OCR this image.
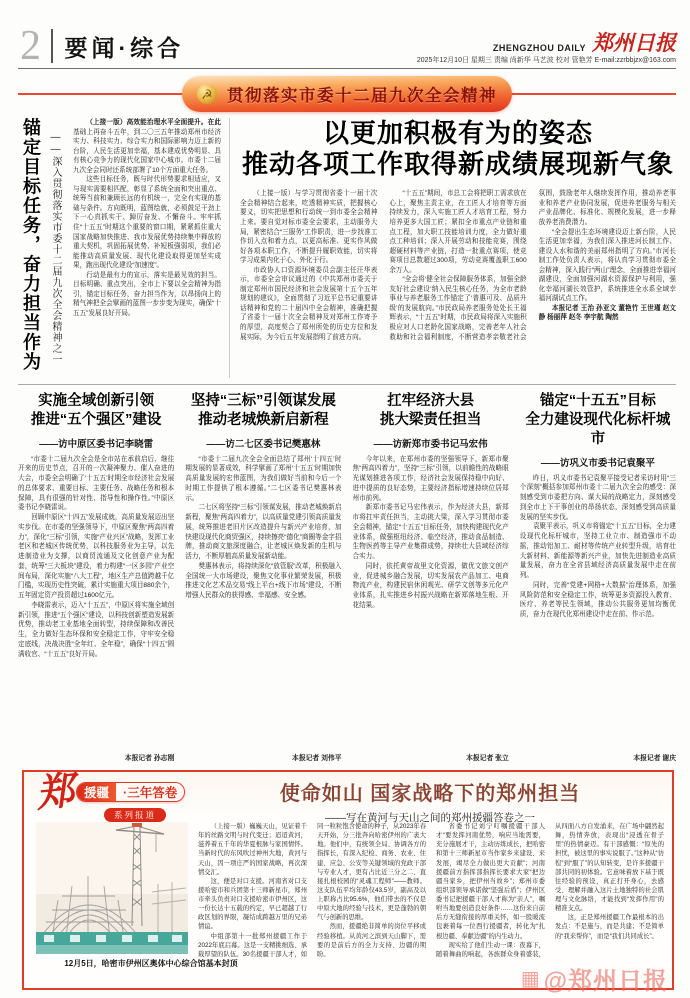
2	要闻·综合	ZHENGZHOU DAILY 郑州日报
2025年12月10日 星期三 责编 尚新华 马艺波 校对 管艳芳 E-mail:zzrbbjzx@163.com
☭ 贯彻落实市委十二届九次全会精神
锚定目标任务，奋力担当作为 ——深入贯彻落实市委十二届九次全会精神之一

（上接一版）高效能治理水平全面提升。在此基础上再奋斗五年，到二〇三五年推动郑州市经济实力、科技实力、综合实力和国际影响力迈上新的台阶，人民生活更加幸福，基本建成优势明显、具有核心竞争力的现代化国家中心城市。市委十二届九次全会同时还系统部署了10个方面重大任务。

这些目标任务，既与时代形势要求相适应，又与现实需要相匹配，彰显了系统全面和突出重点、统筹当前和兼顾长远的有机统一，完全有实现的基础与条件。方向既明，蓝图绘就，必须鼓足干劲上下一心真抓实干、踔厉奋发、不懈奋斗。牢牢抓住“十五五”时期这个重要的窗口期，紧紧抓住重大国家战略加快推进、我市发展优势持续集中释放的重大契机，巩固拓展优势、补短板强弱项，我们必能推动高质量发展、现代化建设取得更加坚实成果，跑出现代化建设“加速度”。

行动是最有力的宣示，落实是最见效的担当。目标明确、重点突出，全市上下要以全会精神为指引，锚定目标任务，奋力担当作为，以昂扬向上的精气神把全会擘画的蓝图一步步变为现实，确保“十五五”发展良好开局。

以更加积极有为的姿态
推动各项工作取得新成绩展现新气象

（上接一版）与学习贯彻省委十一届十次全会精神结合起来，吃透精神实质，把握核心要义，切实把思想和行动统一到市委全会精神上来。要自觉对标市委全会要求，主动服务大局，紧密结合“三服务”工作职责，进一步找准工作切入点和着力点，以更高标准、更实作风做好各项本职工作，不断提升履职效能，切实将学习成果内化于心、外化于行。

市政协人口资源环境委员会副主任汪华表示，市委全会审议通过的《中共郑州市委关于制定郑州市国民经济和社会发展第十五个五年规划的建议》，全面贯彻了习近平总书记重要讲话精神和党的二十届四中全会精神，准确把握了省委十一届十次全会精神及对郑州工作寄予的厚望，高度契合了郑州所处的历史方位和发展实际，为今后五年发展指明了前进方向。

“十五五”期间，市总工会将把职工需求放在心上，聚焦主责主业，在工匠人才培育等方面持续发力，深入实施工匠人才培育工程，努力培养更多大国工匠；紧扣全市重点产业链和重点工程，加大职工技能培训力度，全力做好重点工种培训；深入开展劳动和技能竞赛，围绕超硬材料等产业链，打造一批重点赛项，使竞赛项目总数超过300项，劳动竞赛覆盖职工600余万人。

“全会将‘健全社会保障服务体系，加强全龄友好社会建设’纳入民生核心任务，为全市老龄事业与养老服务工作锚定了‘普惠可及、品质升级’的发展航向。”市民政局养老服务处处长王福辉表示，“十五五”时期，市民政局将深入实施积极应对人口老龄化国家战略，完善老年人社会救助和社会福利制度，不断营造孝亲敬老社会氛围，鼓励老年人继续发挥作用，推动养老事业和养老产业协同发展，促进养老服务与相关产业品牌化、标准化、规模化发展，进一步释放养老消费潜力。

“全会提出生态环境建设迈上新台阶，人民生活更加幸福，为我们深入推进河长制工作、建设人水和谐的美丽郑州指明了方向。”市河长制工作处负责人表示，将认真学习贯彻市委全会精神，深入践行“两山”理念，全面推进幸福河湖建设，全面加强河湖水资源保护与利用，强化幸福河湖长效管护，系统推进全水系全域幸福河湖试点工作。

本报记者 王治 孙亚文 董艳竹 王世瑾 赵文静 杨丽萍 赵冬 李宇航 陶然

实施全域创新引领
推进“五个强区”建设
——访中原区委书记李晓雷

“市委十二届九次全会是全市站在承前启后、继往开来的历史节点，召开的一次凝神聚力、催人奋进的大会，市委全会明确了‘十五五’时期全市经济社会发展的总体要求、重要目标、主要任务、战略任务和根本保障，具有很强的针对性、指导性和操作性。”中原区委书记李晓雷说。

回顾中原区“十四五”发展成就，高质量发展迈出坚实步伐。在市委的坚强领导下，中原区聚焦“两高四着力”，深化“三标”引领，实施“产业兴区”战略，发挥工业老区和老城区传统优势，以科技服务业为主导，以先进制造业为支撑，以商贸流通及文化创意产业为配套，统筹“三大板块”建设，着力构建“一区多园”产业空间布局，深化实施“八大工程”，地区生产总值跨越千亿门槛，实现历史性突破，累计实施重大项目880余个，五年固定资产投资超过1600亿元。

李晓雷表示，迈入“十五五”，中原区将实施全域创新引领，推进“五个强区”建设，以科技创新塑造发展新优势，推动老工业基地全面转型，持续保障和改善民生，全力做好生态环保和安全稳定工作，守牢安全稳定底线，决战决胜“全年红、全年稳”，确保“十四五”圆满收官、“十五五”良好开局。

本报记者 孙志刚
坚持“三标”引领谋发展
推动老城焕新启新程
——访二七区委书记樊惠林

“市委十二届九次全会全面总结了郑州‘十四五’时期发展的显著成效，科学擘画了郑州‘十五五’时期加快高质量发展的宏伟蓝图，为我们做好当前和今后一个时期工作提供了根本遵循。”二七区委书记樊惠林表示。

二七区将坚持“三标”引领谋发展，推动老城焕新启新程，聚焦“两高四着力”，以高质量党建引领高质量发展，统筹推进老旧片区改造提升与新兴产业培育，加快建设现代化商贸强区，持续擦亮“德化”商圈等金字招牌，推动商文旅深度融合，让老城区焕发新的生机与活力，不断厚植高质量发展新动能。

樊惠林表示，将持续深化“放管服”改革，积极融入全国统一大市场建设，聚焦文化事业繁荣发展，积极推进文化艺术品交易“线上平台+线下市场”建设，不断增强人民群众的获得感、幸福感、安全感。

本报记者 刘伟平
扛牢经济大县
挑大梁责任担当
——访新郑市委书记马宏伟

今年以来，在郑州市委的坚强领导下，新郑市聚焦“两高四着力”，坚持“三标”引领，以前瞻性的战略眼光谋划推进各项工作，经济社会发展保持稳中向好、进中提质的良好态势，主要经济指标增速持续位居郑州市前列。

新郑市委书记马宏伟表示，作为经济大县，新郑市将扛牢责任担当，主动挑大梁，深入学习贯彻市委全会精神，锚定“十五五”目标任务，加快构建现代化产业体系，做强枢纽经济、临空经济，推动食品制造、生物医药等主导产业集群成势，持续壮大县域经济综合实力。

同时，依托黄帝故里文化资源，做优文旅文创产业，促进城乡融合发展，切实发展农产品加工、电商物流产业，构建民宿休闲观光、研学文创等多元化产业体系，扎实推进乡村振兴战略在新郑落地生根、开花结果。

本报记者 张立
锚定“十五五”目标
全力建设现代化标杆城市
——访巩义市委书记袁聚平

昨日，巩义市委书记袁聚平接受记者采访时用“三个深刻”概括参加郑州市委十二届九次全会的感受：深刻感受到市委把方向、谋大局的战略定力，深刻感受到全市上下干事创业的昂扬状态，深刻感受到高质量发展的坚实步伐。

袁聚平表示，巩义市将锚定“十五五”目标，全力建设现代化标杆城市，坚持工业立市、制造强市不动摇，推动铝加工、耐材等传统产业转型升级，培育壮大新材料、新能源等新兴产业，加快先进制造业高质量发展，奋力在全省县域经济高质量发展中走在前列。

同时，完善“党建+网格+大数据”治理体系，加强风险防范和安全稳定工作，统筹更多资源投入教育、医疗、养老等民生领域，推动公共服务更加均衡优质，奋力在现代化郑州建设中走在前、作示范。

本报记者 谢庆
郑 援疆	·三年答卷
系列报道
使命如山 国家战略下的郑州担当
——写在黄河与天山之间的郑州援疆答卷之一
12月5日，哈密市伊州区奥体中心综合馆基本封顶

（上接一版）巍巍天山，见证着千年的丝路文明与时代变迁；迢迢黄河，滋养着五千年的华夏根脉与家国情怀。当新时代的东风吹过神州大地，黄河与天山，因一项庄严的国家战略，再次深情交汇。

这，便是对口支援。河南省对口支援哈密市和兵团第十三师新星市，郑州市牵头负责对口支援哈密市伊州区，这一份长达十五载的约定，早已超越了行政区划的界限，凝结成跨越万里的兄弟情谊。

中组部第十一批郑州援疆工作于2022年底启幕。这是一支精挑细选、承载厚望的队伍。30名援疆干部人才，如同一粒粒饱含使命的种子，从2023年春天开始，分三批奔向哈密伊州的广袤大地。他们中，有统领全局、协调各方的指挥长，有深入纪检、商务、农业、住建、应急、公安等关键领域的党政干部与专业人才，更有占比近三分之二、直接扎根校园的“灵魂工程师”——教师。这支队伍平均年龄仅43.5岁，副高及以上职称占比95.6%，他们带去的不仅是中原大地的经验与技术，更是蓬勃的朝气与创新的思维。

然而，援疆绝非简单的岗位平移或经验移植。从黄河之滨到天山脚下，需要的是前后方的全力支持、边疆的期盼。

省委书记刘宁叮嘱援疆干部人才“要发挥河南优势，响应当地需要，充分施展才干，主动历练成长，把哈密和第十三师新星市当作家乡来建设、来发展，竭尽全力做出更大贡献”；河南援疆前方指挥部指挥长要求大家“把边疆当家乡，把伊州当故乡”；郑州市委组织部领导承诺做“坚强后盾”；伊州区委书记把援疆干部人才称为“亲人”，嘱咐当地要创造良好条件……这份来自前后方无缝衔接的厚重关怀，如一股暖流包裹着每一位西行援疆者，转化为“扎根边疆、奉献边疆”的内生动力。

现实给了他们生动一课：夜幕下，随着舞曲的响起，各族群众身着盛装，从四面八方自发涌来，在广场中翩然起舞，热情奔放，表现出“浸透在骨子里”的热情豪迈。有干部感慨：“原先的担忧，被这里的事实说服了。”这种从“彷徨”到“服了”的认知转变，是许多援疆干部共同的初体验。它意味着放下基于既往经验的预设，真正打开身心，去感受、理解并融入这片土地独特的社会肌理与文化脉络，才能找到“发挥作用”的精准支点。

这，正是郑州援疆工作最根本的出发点：不是施与，而是共建；不是简单的“我来帮你”，而是“我们共同成长”。

▦ @郑州日报
